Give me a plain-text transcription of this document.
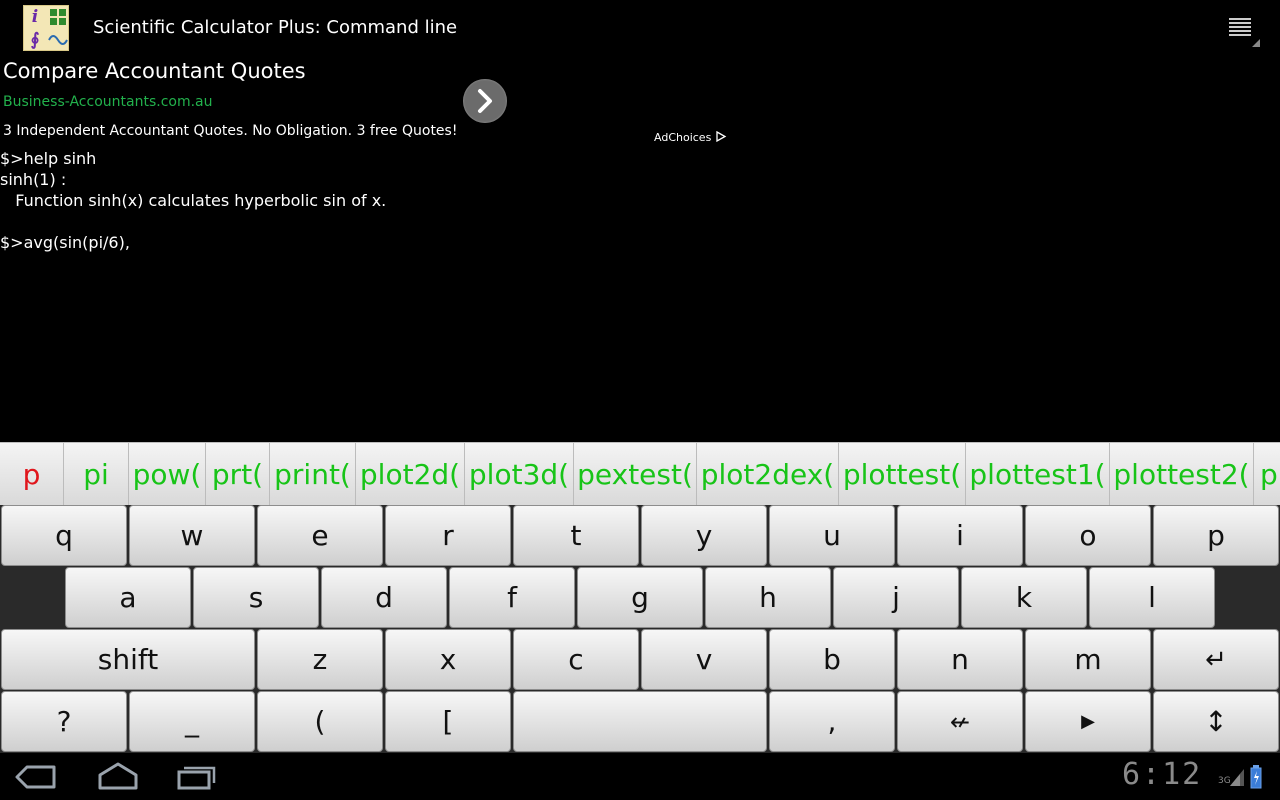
i
∮
Scientific Calculator Plus: Command line
Compare Accountant Quotes
Business-Accountants.com.au
3 Independent Accountant Quotes. No Obligation. 3 free Quotes!	AdChoices
$>help sinh
sinh(1) :
Function sinh(x) calculates hyperbolic sin of x.
$>avg(sin(pi/6),
p	pi pow( prt( print( plot2d( plot3d( pextest( plot2dex( plottest( plottest1( plottest2( p
q	w	e	r	t	y	u	i	o	p
a	s	d	f	g	h	j	k	l
shift	z	x	c	v	b	n	m	↵
?	_	(	[	,	↚	▶	↕
6:12 3G
